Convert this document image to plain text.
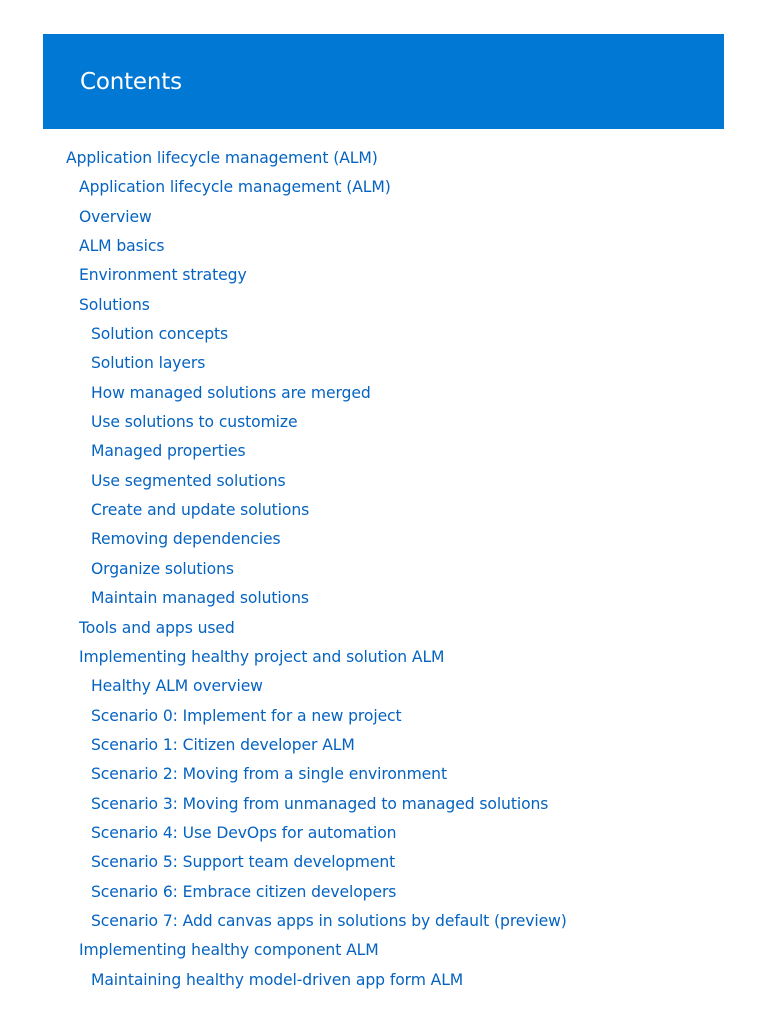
Contents
Application lifecycle management (ALM)
Application lifecycle management (ALM)
Overview
ALM basics
Environment strategy
Solutions
Solution concepts
Solution layers
How managed solutions are merged
Use solutions to customize
Managed properties
Use segmented solutions
Create and update solutions
Removing dependencies
Organize solutions
Maintain managed solutions
Tools and apps used
Implementing healthy project and solution ALM
Healthy ALM overview
Scenario 0: Implement for a new project
Scenario 1: Citizen developer ALM
Scenario 2: Moving from a single environment
Scenario 3: Moving from unmanaged to managed solutions
Scenario 4: Use DevOps for automation
Scenario 5: Support team development
Scenario 6: Embrace citizen developers
Scenario 7: Add canvas apps in solutions by default (preview)
Implementing healthy component ALM
Maintaining healthy model-driven app form ALM
